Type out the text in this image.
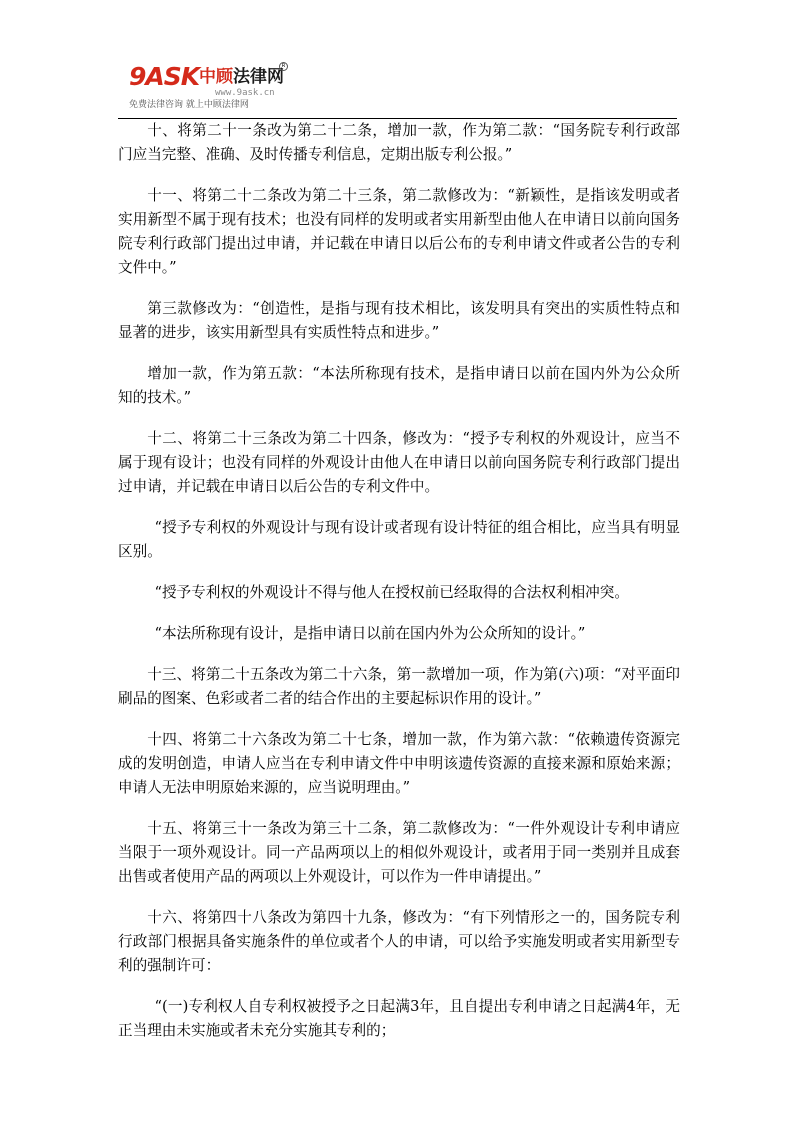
9ASK 中顾法律网
R
www.9ask.cn
免费法律咨询 就上中顾法律网

十、将第二十一条改为第二十二条，增加一款，作为第二款：“国务院专利行政部门应当完整、准确、及时传播专利信息，定期出版专利公报。”

十一、将第二十二条改为第二十三条，第二款修改为：“新颖性，是指该发明或者实用新型不属于现有技术；也没有同样的发明或者实用新型由他人在申请日以前向国务院专利行政部门提出过申请，并记载在申请日以后公布的专利申请文件或者公告的专利文件中。”

第三款修改为：“创造性，是指与现有技术相比，该发明具有突出的实质性特点和显著的进步，该实用新型具有实质性特点和进步。”

增加一款，作为第五款：“本法所称现有技术，是指申请日以前在国内外为公众所知的技术。”

十二、将第二十三条改为第二十四条，修改为：“授予专利权的外观设计，应当不属于现有设计；也没有同样的外观设计由他人在申请日以前向国务院专利行政部门提出过申请，并记载在申请日以后公告的专利文件中。

“授予专利权的外观设计与现有设计或者现有设计特征的组合相比，应当具有明显区别。

“授予专利权的外观设计不得与他人在授权前已经取得的合法权利相冲突。

“本法所称现有设计，是指申请日以前在国内外为公众所知的设计。”

十三、将第二十五条改为第二十六条，第一款增加一项，作为第(六)项：“对平面印刷品的图案、色彩或者二者的结合作出的主要起标识作用的设计。”

十四、将第二十六条改为第二十七条，增加一款，作为第六款：“依赖遗传资源完成的发明创造，申请人应当在专利申请文件中申明该遗传资源的直接来源和原始来源；申请人无法申明原始来源的，应当说明理由。”

十五、将第三十一条改为第三十二条，第二款修改为：“一件外观设计专利申请应当限于一项外观设计。同一产品两项以上的相似外观设计，或者用于同一类别并且成套出售或者使用产品的两项以上外观设计，可以作为一件申请提出。”

十六、将第四十八条改为第四十九条，修改为：“有下列情形之一的，国务院专利行政部门根据具备实施条件的单位或者个人的申请，可以给予实施发明或者实用新型专利的强制许可：

“(一)专利权人自专利权被授予之日起满3年，且自提出专利申请之日起满4年，无正当理由未实施或者未充分实施其专利的；
